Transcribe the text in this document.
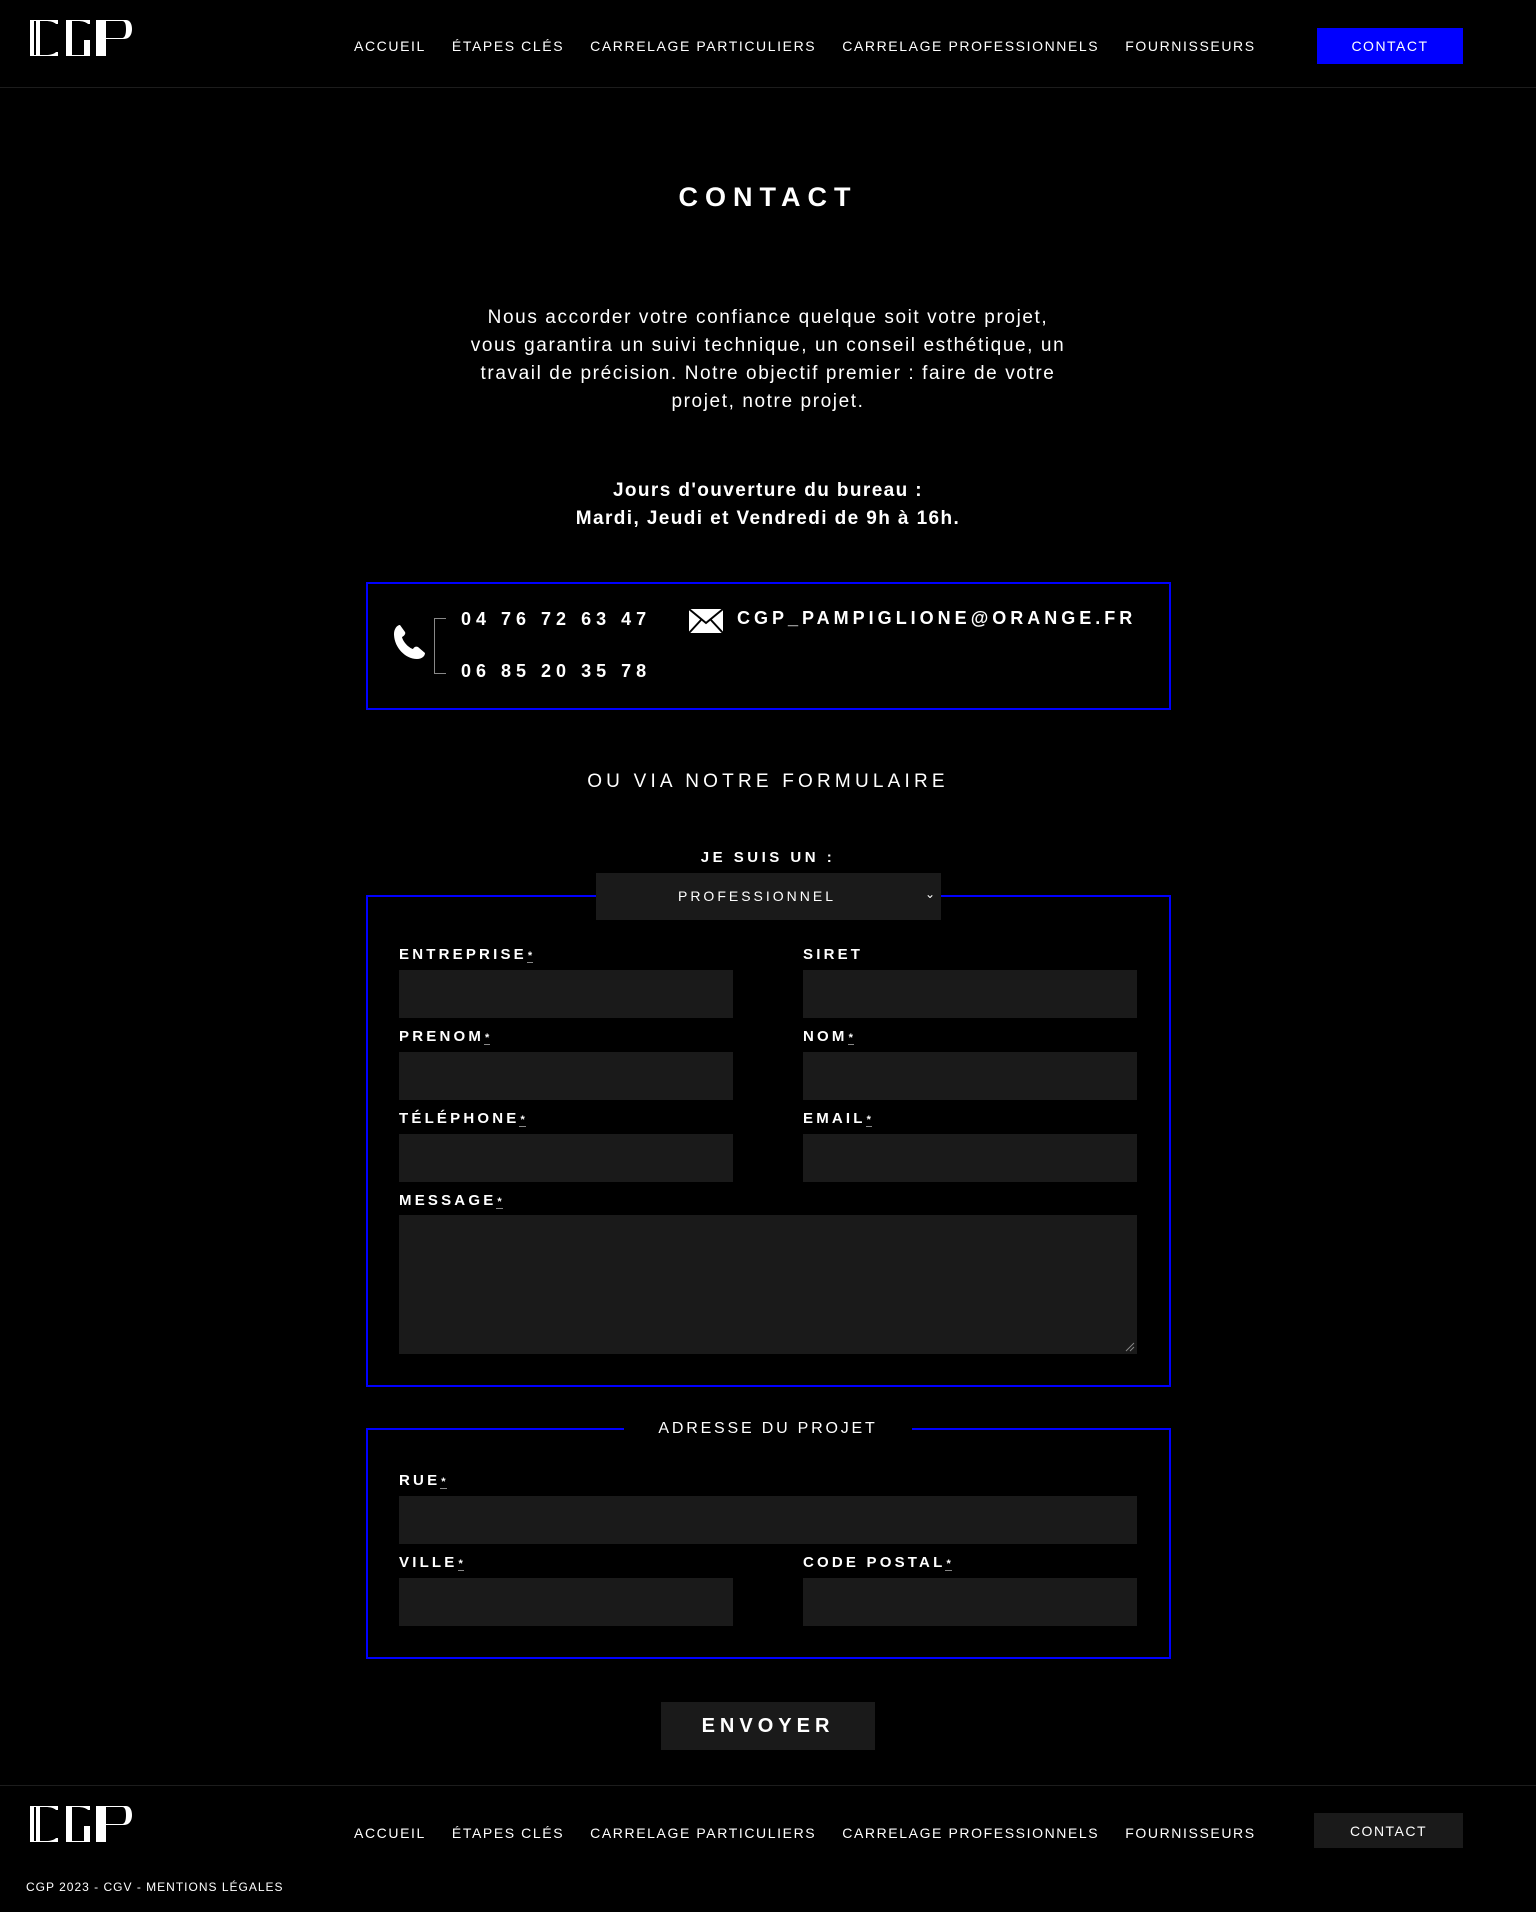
ACCUEIL ÉTAPES CLÉS CARRELAGE PARTICULIERS CARRELAGE PROFESSIONNELS FOURNISSEURS	CONTACT
CONTACT

Nous accorder votre confiance quelque soit votre projet, vous garantira un suivi technique, un conseil esthétique, un travail de précision. Notre objectif premier : faire de votre projet, notre projet.

Jours d'ouverture du bureau :
Mardi, Jeudi et Vendredi de 9h à 16h.
04 76 72 63 47
06 85 20 35 78
CGP_PAMPIGLIONE@ORANGE.FR
OU VIA NOTRE FORMULAIRE
JE SUIS UN :
PROFESSIONNEL	⌄
ENTREPRISE*	SIRET
PRENOM*	NOM*
TÉLÉPHONE*	EMAIL*
MESSAGE*
ADRESSE DU PROJET
RUE*
VILLE*	CODE POSTAL*
ENVOYER
ACCUEIL ÉTAPES CLÉS CARRELAGE PARTICULIERS CARRELAGE PROFESSIONNELS FOURNISSEURS	CONTACT
CGP 2023 - CGV - MENTIONS LÉGALES
